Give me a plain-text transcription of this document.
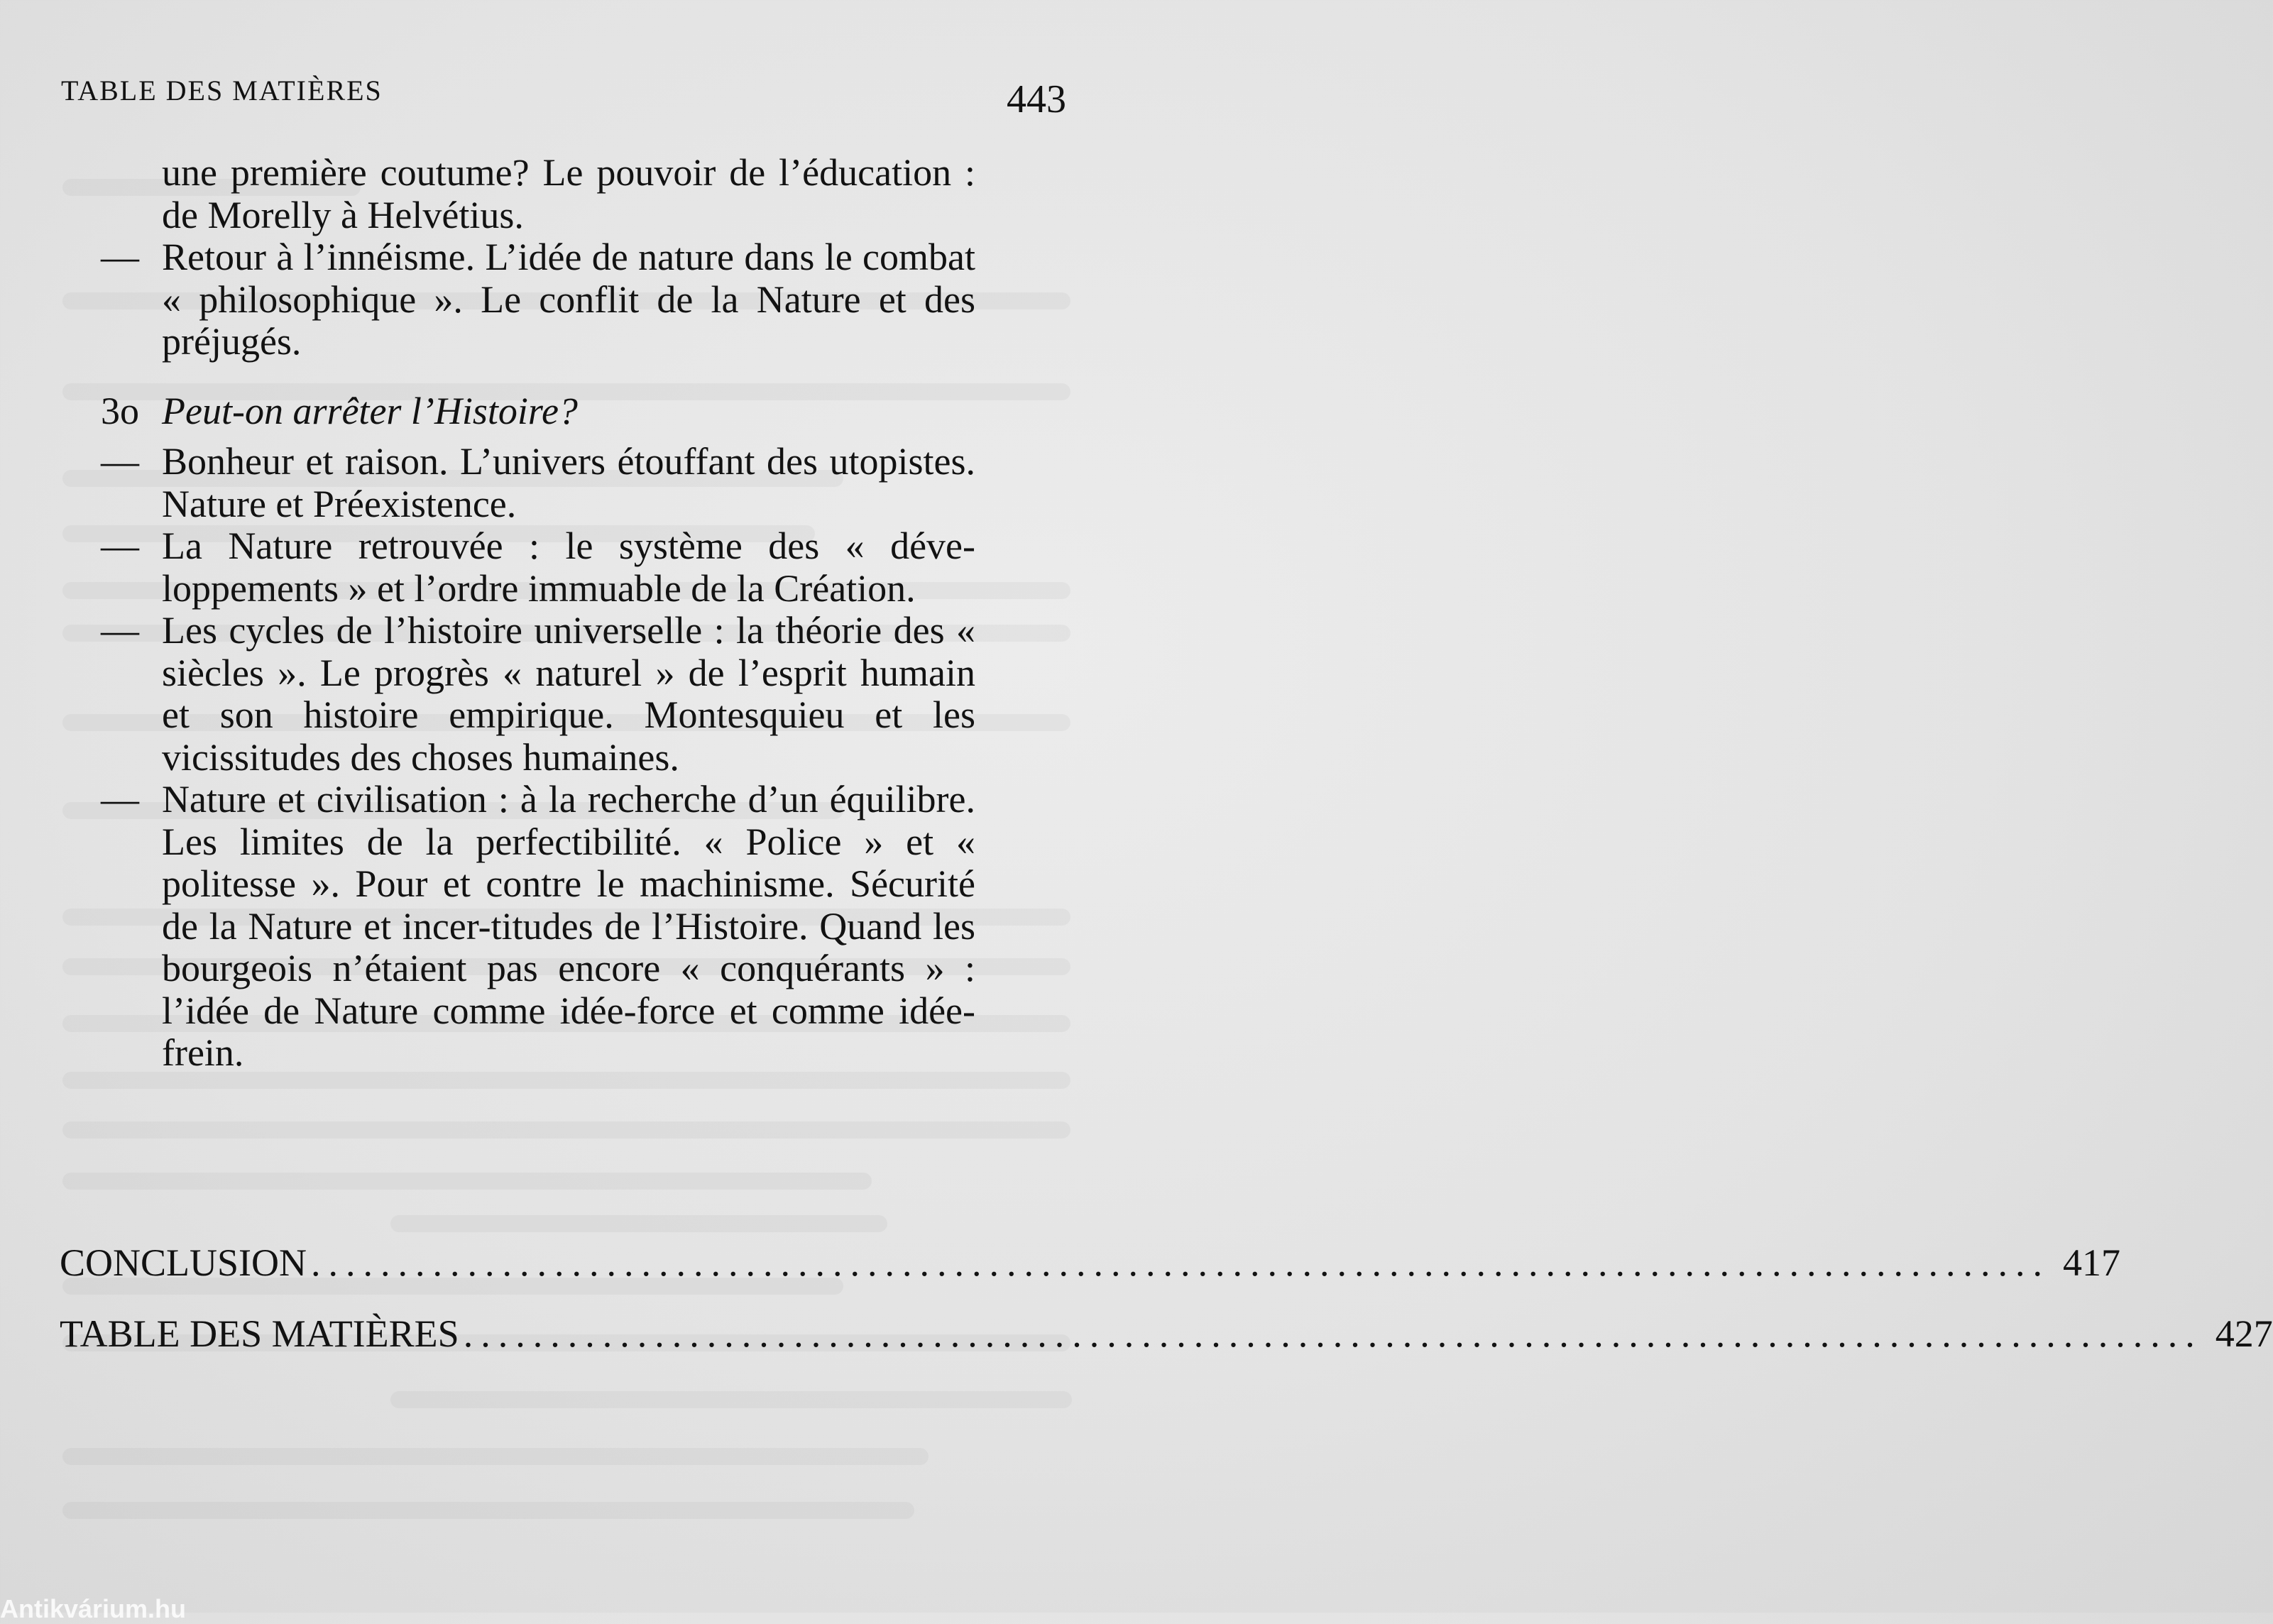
TABLE DES MATIÈRES	443
une première coutume? Le pouvoir de l’éducation : de Morelly à Helvétius.
— Retour à l’innéisme. L’idée de nature dans le combat « philosophique ». Le conflit de la Nature et des préjugés.
3o Peut-on arrêter l’Histoire?
— Bonheur et raison. L’univers étouffant des utopistes. Nature et Préexistence.
— La Nature retrouvée : le système des « déve-loppements » et l’ordre immuable de la Création.
— Les cycles de l’histoire universelle : la théorie des « siècles ». Le progrès « naturel » de l’esprit humain et son histoire empirique. Montesquieu et les vicissitudes des choses humaines.
— Nature et civilisation : à la recherche d’un équilibre. Les limites de la perfectibilité. « Police » et « politesse ». Pour et contre le machinisme. Sécurité de la Nature et incer-titudes de l’Histoire. Quand les bourgeois n’étaient pas encore « conquérants » : l’idée de Nature comme idée-force et comme idée-frein.
CONCLUSION .................................................................................................... 417
TABLE DES MATIÈRES .................................................................................................... 427
Antikvárium.hu
